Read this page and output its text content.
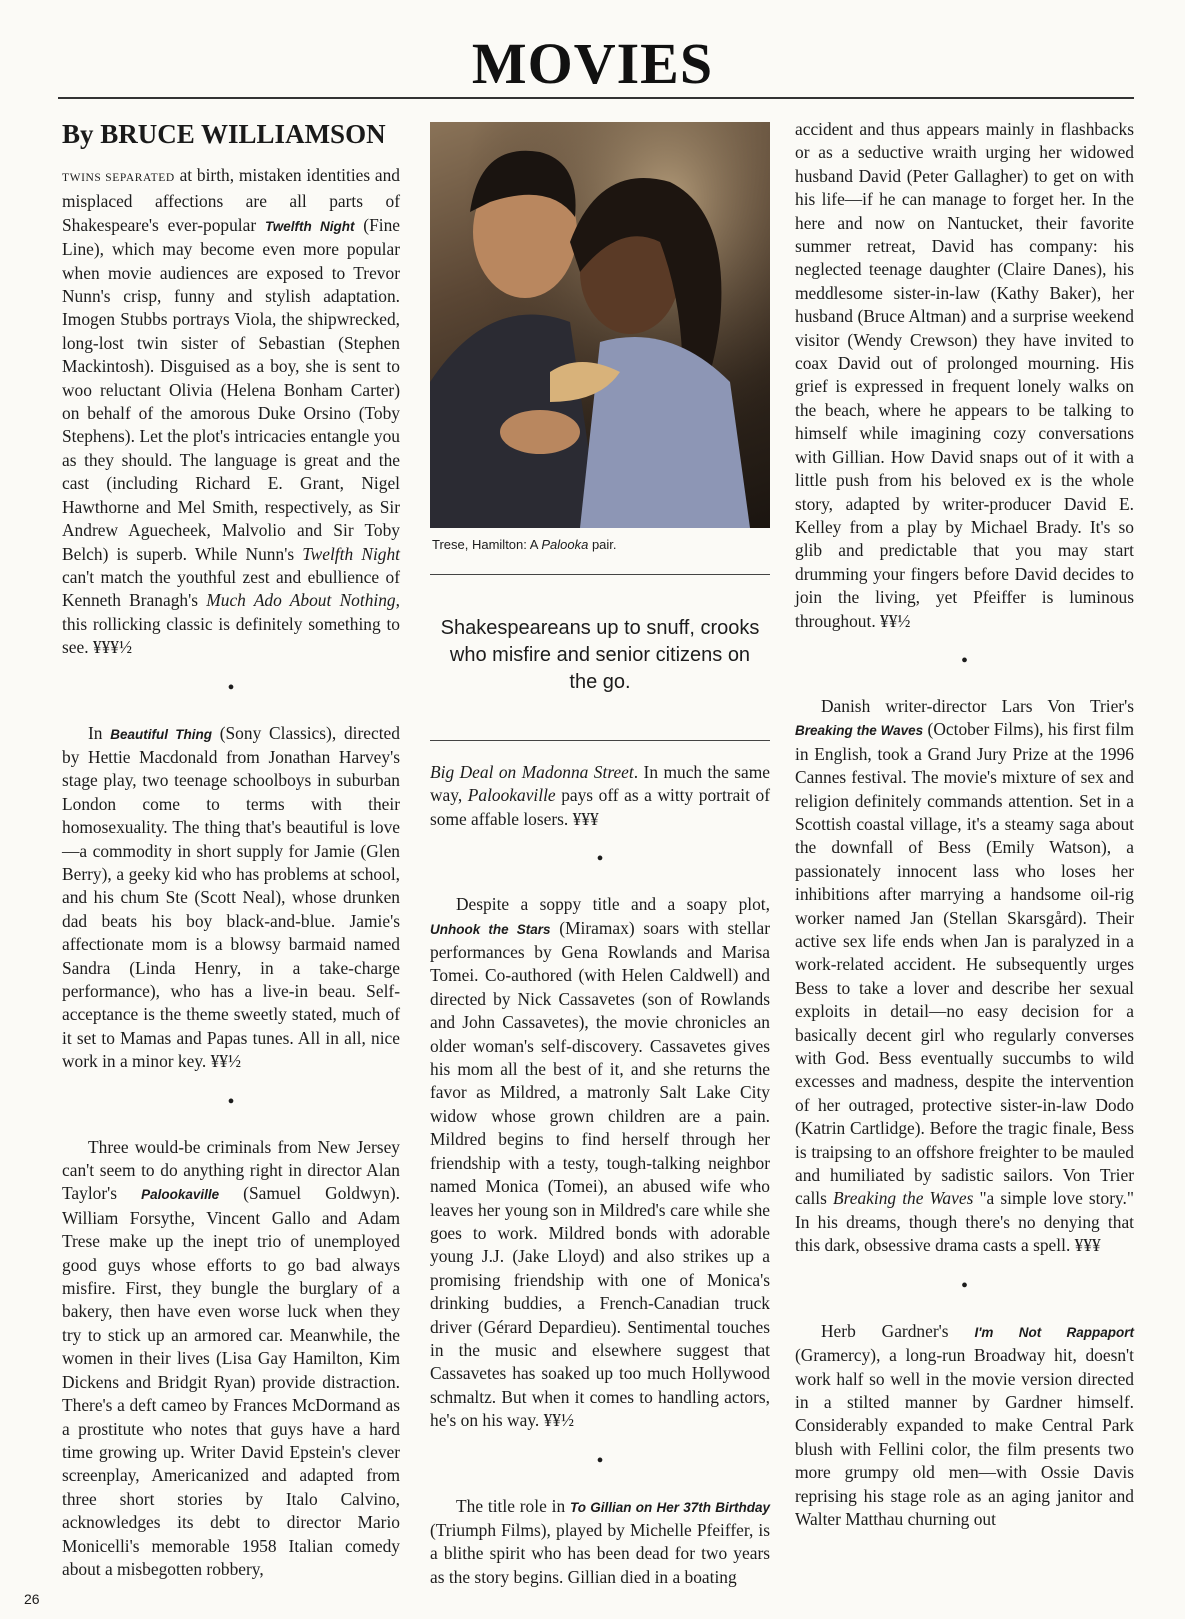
MOVIES
By BRUCE WILLIAMSON

TWINS SEPARATED at birth, mistaken identities and misplaced affections are all parts of Shakespeare's ever-popular Twelfth Night (Fine Line), which may become even more popular when movie audiences are exposed to Trevor Nunn's crisp, funny and stylish adaptation. Imogen Stubbs portrays Viola, the shipwrecked, long-lost twin sister of Sebastian (Stephen Mackintosh). Disguised as a boy, she is sent to woo reluctant Olivia (Helena Bonham Carter) on behalf of the amorous Duke Orsino (Toby Stephens). Let the plot's intricacies entangle you as they should. The language is great and the cast (including Richard E. Grant, Nigel Hawthorne and Mel Smith, respectively, as Sir Andrew Aguecheek, Malvolio and Sir Toby Belch) is superb. While Nunn's Twelfth Night can't match the youthful zest and ebullience of Kenneth Branagh's Much Ado About Nothing, this rollicking classic is definitely something to see. ¥¥¥½

•

In Beautiful Thing (Sony Classics), directed by Hettie Macdonald from Jonathan Harvey's stage play, two teenage schoolboys in suburban London come to terms with their homosexuality. The thing that's beautiful is love—a commodity in short supply for Jamie (Glen Berry), a geeky kid who has problems at school, and his chum Ste (Scott Neal), whose drunken dad beats his boy black-and-blue. Jamie's affectionate mom is a blowsy barmaid named Sandra (Linda Henry, in a take-charge performance), who has a live-in beau. Self-acceptance is the theme sweetly stated, much of it set to Mamas and Papas tunes. All in all, nice work in a minor key. ¥¥½

•

Three would-be criminals from New Jersey can't seem to do anything right in director Alan Taylor's Palookaville (Samuel Goldwyn). William Forsythe, Vincent Gallo and Adam Trese make up the inept trio of unemployed good guys whose efforts to go bad always misfire. First, they bungle the burglary of a bakery, then have even worse luck when they try to stick up an armored car. Meanwhile, the women in their lives (Lisa Gay Hamilton, Kim Dickens and Bridgit Ryan) provide distraction. There's a deft cameo by Frances McDormand as a prostitute who notes that guys have a hard time growing up. Writer David Epstein's clever screenplay, Americanized and adapted from three short stories by Italo Calvino, acknowledges its debt to director Mario Monicelli's memorable 1958 Italian comedy about a misbegotten robbery,

Trese, Hamilton: A Palooka pair.
Shakespeareans up to snuff, crooks who misfire and senior citizens on the go.

Big Deal on Madonna Street. In much the same way, Palookaville pays off as a witty portrait of some affable losers. ¥¥¥

•

Despite a soppy title and a soapy plot, Unhook the Stars (Miramax) soars with stellar performances by Gena Rowlands and Marisa Tomei. Co-authored (with Helen Caldwell) and directed by Nick Cassavetes (son of Rowlands and John Cassavetes), the movie chronicles an older woman's self-discovery. Cassavetes gives his mom all the best of it, and she returns the favor as Mildred, a matronly Salt Lake City widow whose grown children are a pain. Mildred begins to find herself through her friendship with a testy, tough-talking neighbor named Monica (Tomei), an abused wife who leaves her young son in Mildred's care while she goes to work. Mildred bonds with adorable young J.J. (Jake Lloyd) and also strikes up a promising friendship with one of Monica's drinking buddies, a French-Canadian truck driver (Gérard Depardieu). Sentimental touches in the music and elsewhere suggest that Cassavetes has soaked up too much Hollywood schmaltz. But when it comes to handling actors, he's on his way. ¥¥½

•

The title role in To Gillian on Her 37th Birthday (Triumph Films), played by Michelle Pfeiffer, is a blithe spirit who has been dead for two years as the story begins. Gillian died in a boating

accident and thus appears mainly in flashbacks or as a seductive wraith urging her widowed husband David (Peter Gallagher) to get on with his life—if he can manage to forget her. In the here and now on Nantucket, their favorite summer retreat, David has company: his neglected teenage daughter (Claire Danes), his meddlesome sister-in-law (Kathy Baker), her husband (Bruce Altman) and a surprise weekend visitor (Wendy Crewson) they have invited to coax David out of prolonged mourning. His grief is expressed in frequent lonely walks on the beach, where he appears to be talking to himself while imagining cozy conversations with Gillian. How David snaps out of it with a little push from his beloved ex is the whole story, adapted by writer-producer David E. Kelley from a play by Michael Brady. It's so glib and predictable that you may start drumming your fingers before David decides to join the living, yet Pfeiffer is luminous throughout. ¥¥½

•

Danish writer-director Lars Von Trier's Breaking the Waves (October Films), his first film in English, took a Grand Jury Prize at the 1996 Cannes festival. The movie's mixture of sex and religion definitely commands attention. Set in a Scottish coastal village, it's a steamy saga about the downfall of Bess (Emily Watson), a passionately innocent lass who loses her inhibitions after marrying a handsome oil-rig worker named Jan (Stellan Skarsgård). Their active sex life ends when Jan is paralyzed in a work-related accident. He subsequently urges Bess to take a lover and describe her sexual exploits in detail—no easy decision for a basically decent girl who regularly converses with God. Bess eventually succumbs to wild excesses and madness, despite the intervention of her outraged, protective sister-in-law Dodo (Katrin Cartlidge). Before the tragic finale, Bess is traipsing to an offshore freighter to be mauled and humiliated by sadistic sailors. Von Trier calls Breaking the Waves "a simple love story." In his dreams, though there's no denying that this dark, obsessive drama casts a spell. ¥¥¥

•

Herb Gardner's I'm Not Rappaport (Gramercy), a long-run Broadway hit, doesn't work half so well in the movie version directed in a stilted manner by Gardner himself. Considerably expanded to make Central Park blush with Fellini color, the film presents two more grumpy old men—with Ossie Davis reprising his stage role as an aging janitor and Walter Matthau churning out

26
